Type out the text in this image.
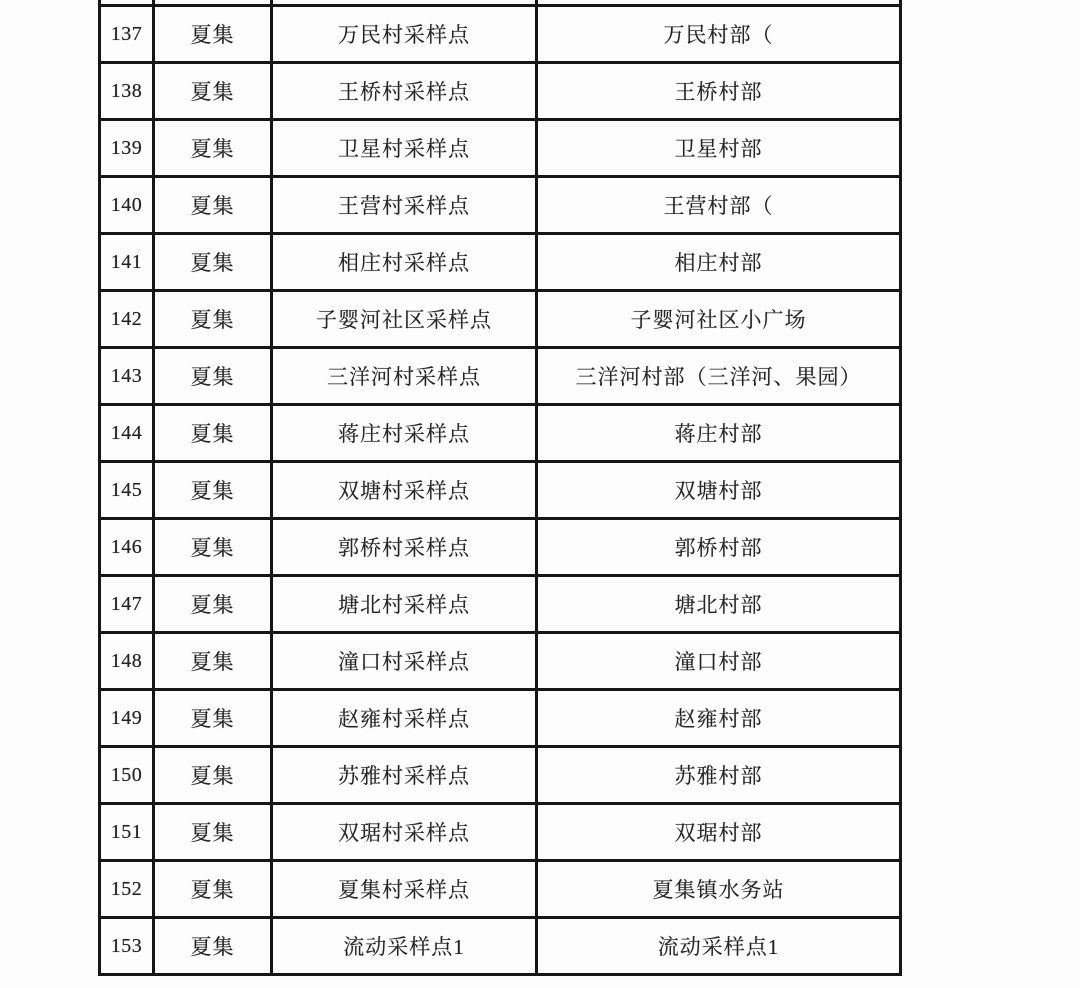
137	夏集	万民村采样点	万民村部（
138	夏集	王桥村采样点	王桥村部
139	夏集	卫星村采样点	卫星村部
140	夏集	王营村采样点	王营村部（
141	夏集	相庄村采样点	相庄村部
142	夏集	子婴河社区采样点	子婴河社区小广场
143	夏集	三洋河村采样点	三洋河村部（三洋河、果园）
144	夏集	蒋庄村采样点	蒋庄村部
145	夏集	双塘村采样点	双塘村部
146	夏集	郭桥村采样点	郭桥村部
147	夏集	塘北村采样点	塘北村部
148	夏集	潼口村采样点	潼口村部
149	夏集	赵雍村采样点	赵雍村部
150	夏集	苏雅村采样点	苏雅村部
151	夏集	双琚村采样点	双琚村部
152	夏集	夏集村采样点	夏集镇水务站
153	夏集	流动采样点1	流动采样点1
